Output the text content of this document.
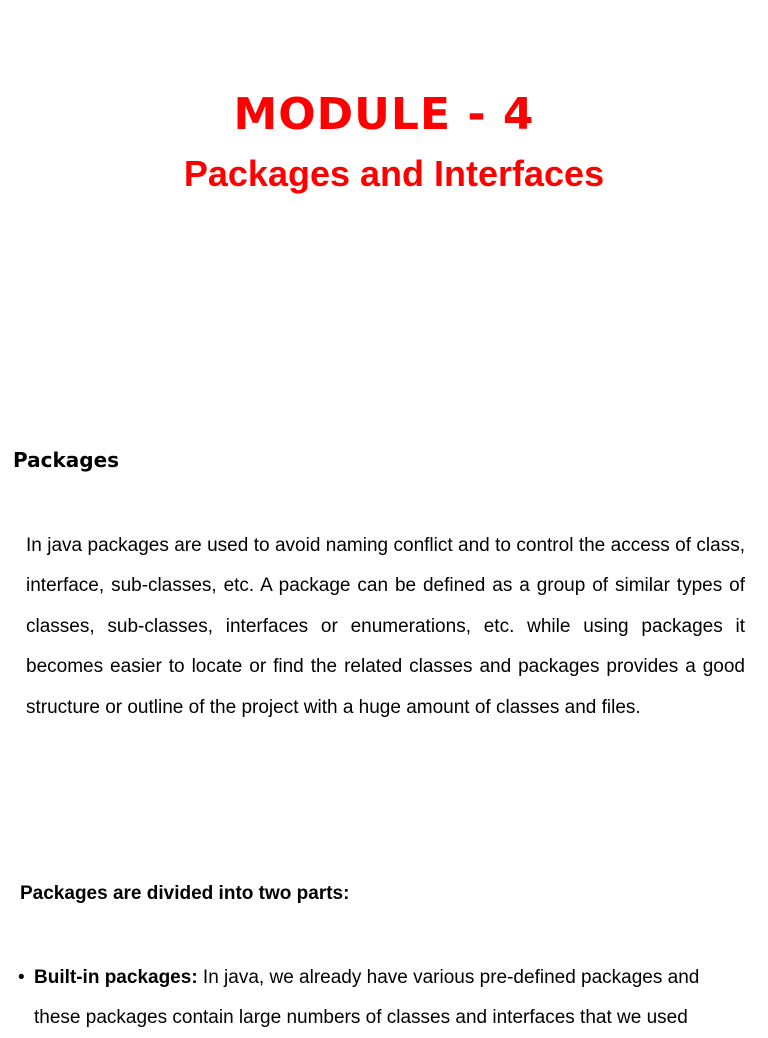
MODULE - 4
Packages and Interfaces
Packages

In java packages are used to avoid naming conflict and to control the access of class, interface, sub-classes, etc. A package can be defined as a group of similar types of classes, sub-classes, interfaces or enumerations, etc. while using packages it becomes easier to locate or find the related classes and packages provides a good structure or outline of the project with a huge amount of classes and files.

Packages are divided into two parts:

• Built-in packages: In java, we already have various pre-defined packages and these packages contain large numbers of classes and interfaces that we used
